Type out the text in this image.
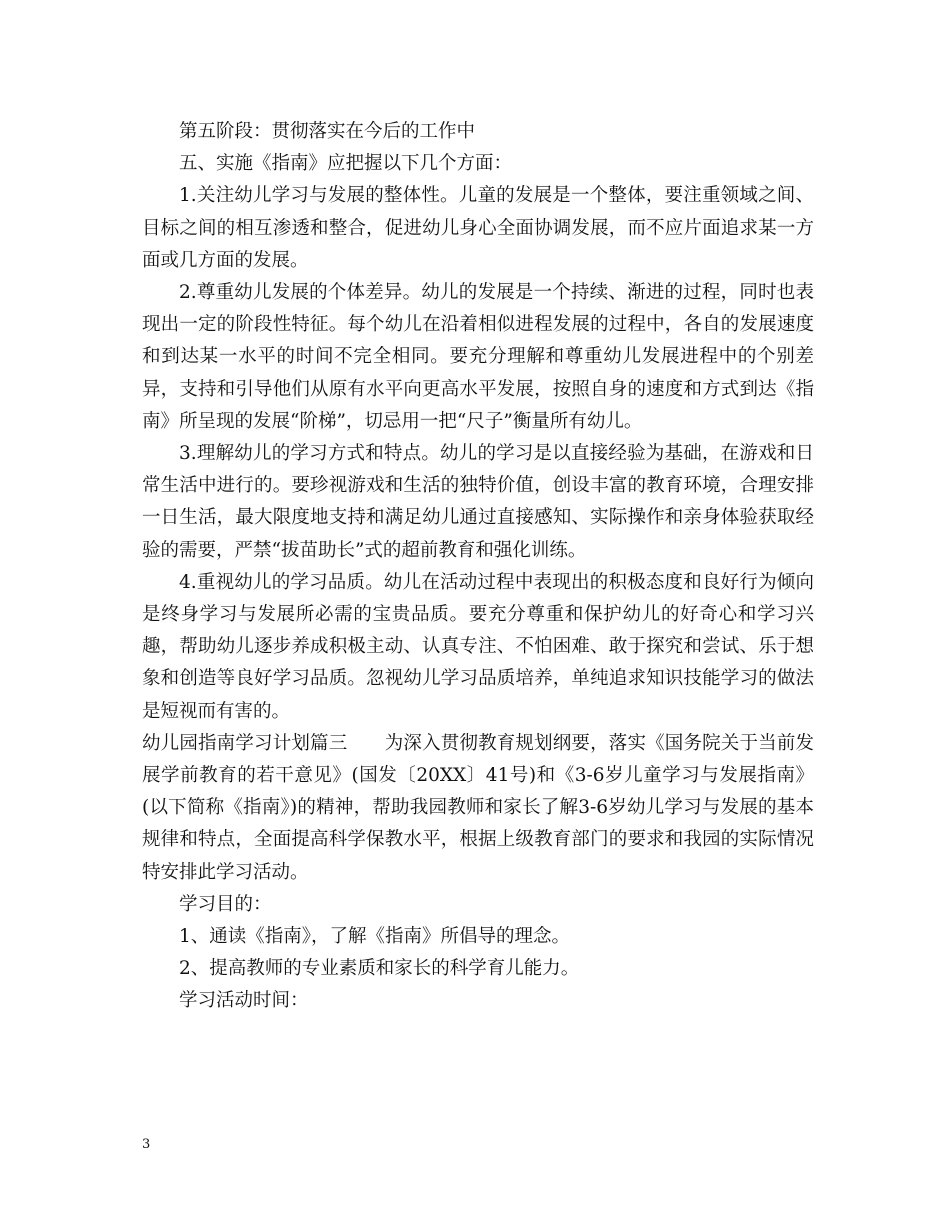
第五阶段：贯彻落实在今后的工作中

五、实施《指南》应把握以下几个方面：

1.关注幼儿学习与发展的整体性。儿童的发展是一个整体，要注重领域之间、目标之间的相互渗透和整合，促进幼儿身心全面协调发展，而不应片面追求某一方面或几方面的发展。

2.尊重幼儿发展的个体差异。幼儿的发展是一个持续、渐进的过程，同时也表现出一定的阶段性特征。每个幼儿在沿着相似进程发展的过程中，各自的发展速度和到达某一水平的时间不完全相同。要充分理解和尊重幼儿发展进程中的个别差异，支持和引导他们从原有水平向更高水平发展，按照自身的速度和方式到达《指南》所呈现的发展“阶梯”，切忌用一把“尺子”衡量所有幼儿。

3.理解幼儿的学习方式和特点。幼儿的学习是以直接经验为基础，在游戏和日常生活中进行的。要珍视游戏和生活的独特价值，创设丰富的教育环境，合理安排一日生活，最大限度地支持和满足幼儿通过直接感知、实际操作和亲身体验获取经验的需要，严禁“拔苗助长”式的超前教育和强化训练。

4.重视幼儿的学习品质。幼儿在活动过程中表现出的积极态度和良好行为倾向是终身学习与发展所必需的宝贵品质。要充分尊重和保护幼儿的好奇心和学习兴趣，帮助幼儿逐步养成积极主动、认真专注、不怕困难、敢于探究和尝试、乐于想象和创造等良好学习品质。忽视幼儿学习品质培养，单纯追求知识技能学习的做法是短视而有害的。

幼儿园指南学习计划篇三　　为深入贯彻教育规划纲要，落实《国务院关于当前发展学前教育的若干意见》(国发〔20XX〕41号)和《3-6岁儿童学习与发展指南》(以下简称《指南》)的精神，帮助我园教师和家长了解3-6岁幼儿学习与发展的基本规律和特点，全面提高科学保教水平，根据上级教育部门的要求和我园的实际情况特安排此学习活动。

学习目的：

1、通读《指南》，了解《指南》所倡导的理念。

2、提高教师的专业素质和家长的科学育儿能力。

学习活动时间：

3
